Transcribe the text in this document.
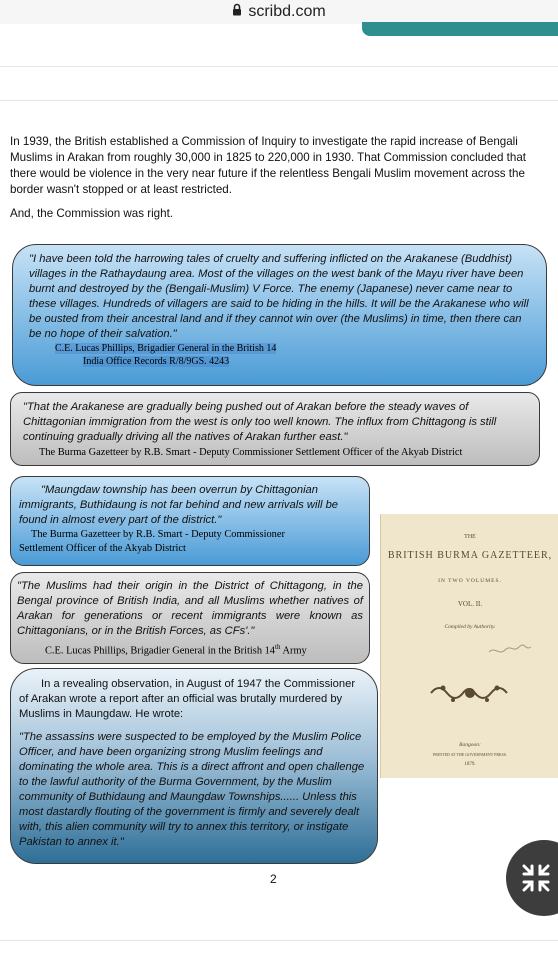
scribd.com

In 1939, the British established a Commission of Inquiry to investigate the rapid increase of Bengali Muslims in Arakan from roughly 30,000 in 1825 to 220,000 in 1930. That Commission concluded that there would be violence in the very near future if the relentless Bengali Muslim movement across the border wasn't stopped or at least restricted.

And, the Commission was right.

"I have been told the harrowing tales of cruelty and suffering inflicted on the Arakanese (Buddhist) villages in the Rathaydaung area. Most of the villages on the west bank of the Mayu river have been burnt and destroyed by the (Bengali-Muslim) V Force. The enemy (Japanese) never came near to these villages. Hundreds of villagers are said to be hiding in the hills. It will be the Arakanese who will be ousted from their ancestral land and if they cannot win over (the Muslims) in time, then there can be no hope of their salvation."
C.E. Lucas Phillips, Brigadier General in the British 14
India Office Records R/8/9GS. 4243
"That the Arakanese are gradually being pushed out of Arakan before the steady waves of Chittagonian immigration from the west is only too well known. The influx from Chittagong is still continuing gradually driving all the natives of Arakan further east."
The Burma Gazetteer by R.B. Smart - Deputy Commissioner Settlement Officer of the Akyab District
"Maungdaw township has been overrun by Chittagonian immigrants, Buthidaung is not far behind and new arrivals will be found in almost every part of the district."
The Burma Gazetteer by R.B. Smart - Deputy Commissioner
Settlement Officer of the Akyab District
"The Muslims had their origin in the District of Chittagong, in the Bengal province of British India, and all Muslims whether natives of Arakan for generations or recent immigrants were known as Chittagonians, or in the British Forces, as CFs'."
C.E. Lucas Phillips, Brigadier General in the British 14th Army
In a revealing observation, in August of 1947 the Commissioner of Arakan wrote a report after an official was brutally murdered by Muslims in Maungdaw. He wrote:
"The assassins were suspected to be employed by the Muslim Police Officer, and have been organizing strong Muslim feelings and dominating the whole area. This is a direct affront and open challenge to the lawful authority of the Burma Government, by the Muslim community of Buthidaung and Maungdaw Townships...... Unless this most dastardly flouting of the government is firmly and severely dealt with, this alien community will try to annex this territory, or instigate Pakistan to annex it."
THE
BRITISH BURMA GAZETTEER,
IN TWO VOLUMES.
VOL. II.
Compiled by Authority.
Rangoon:
PRINTED AT THE GOVERNMENT PRESS.
1879.
2
